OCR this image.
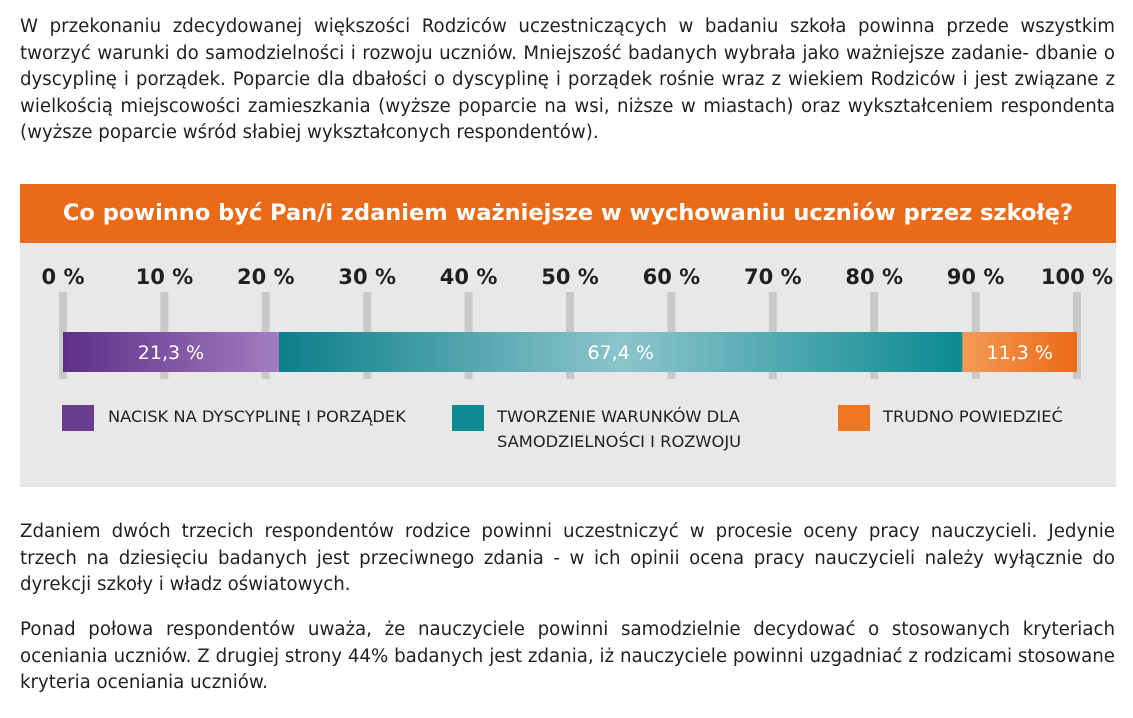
W przekonaniu zdecydowanej większości Rodziców uczestniczących w badaniu szkoła powinna przede wszystkim tworzyć warunki do samodzielności i rozwoju uczniów. Mniejszość badanych wybrała jako ważniejsze zadanie- dbanie o dyscyplinę i porządek. Poparcie dla dbałości o dyscyplinę i porządek rośnie wraz z wiekiem Rodziców i jest związane z wielkością miejscowości zamieszkania (wyższe poparcie na wsi, niższe w miastach) oraz wykształceniem respondenta (wyższe poparcie wśród słabiej wykształconych respondentów).

Co powinno być Pan/i zdaniem ważniejsze w wychowaniu uczniów przez szkołę?
0 % 10 % 20 % 30 % 40 % 50 % 60 % 70 % 80 % 90 % 100 %
21,3 %	67,4 %	11,3 %
NACISK NA DYSCYPLINĘ I PORZĄDEK	TWORZENIE WARUNKÓW DLA SAMODZIELNOŚCI I ROZWOJU
TRUDNO POWIEDZIEĆ

Zdaniem dwóch trzecich respondentów rodzice powinni uczestniczyć w procesie oceny pracy nauczycieli. Jedynie trzech na dziesięciu badanych jest przeciwnego zdania - w ich opinii ocena pracy nauczycieli należy wyłącznie do dyrekcji szkoły i władz oświatowych.

Ponad połowa respondentów uważa, że nauczyciele powinni samodzielnie decydować o stosowanych kryteriach oceniania uczniów. Z drugiej strony 44% badanych jest zdania, iż nauczyciele powinni uzgadniać z rodzicami stosowane kryteria oceniania uczniów.
